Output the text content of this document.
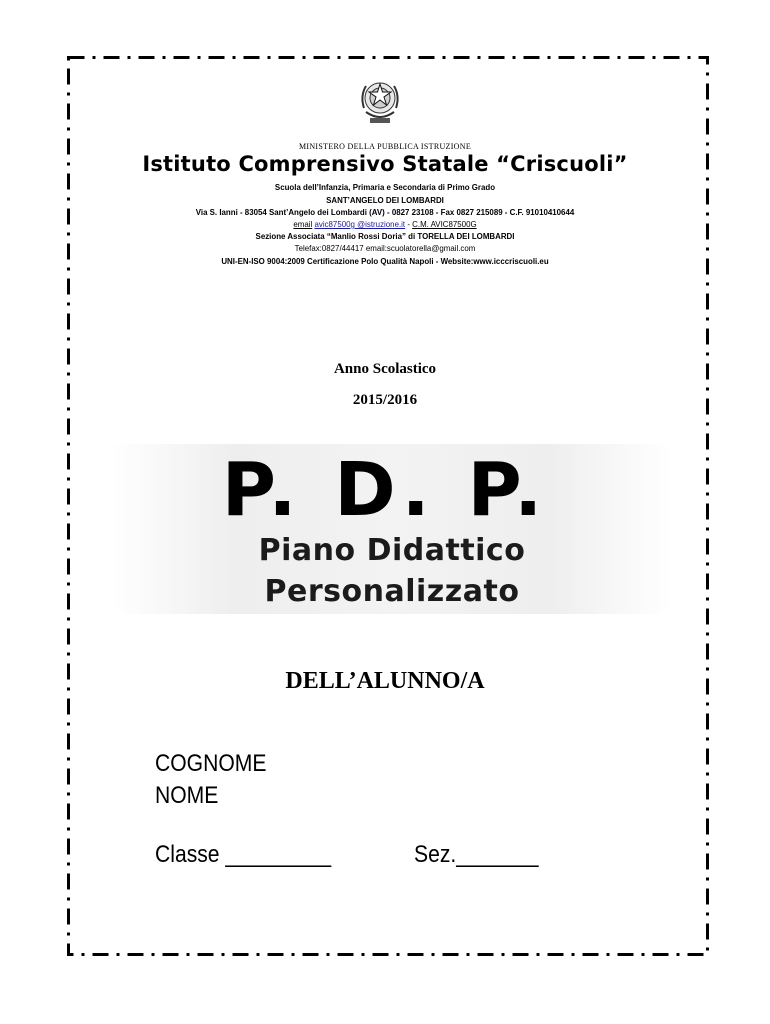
MINISTERO DELLA PUBBLICA ISTRUZIONE
Istituto Comprensivo Statale “Criscuoli”
Scuola dell’Infanzia, Primaria e Secondaria di Primo Grado
SANT’ANGELO DEI LOMBARDI
Via S. Ianni - 83054 Sant’Angelo dei Lombardi (AV) - 0827 23108 - Fax 0827 215089 - C.F. 91010410644
email avic87500g @istruzione.it - C.M. AVIC87500G
Sezione Associata “Manlio Rossi Doria” di TORELLA DEI LOMBARDI
Telefax:0827/44417 email:scuolatorella@gmail.com
UNI-EN-ISO 9004:2009 Certificazione Polo Qualità Napoli - Website:www.icccriscuoli.eu
Anno Scolastico
2015/2016
P. D. P.
Piano Didattico
Personalizzato
DELL’ALUNNO/A
COGNOME
NOME
Classe _________	Sez._______
